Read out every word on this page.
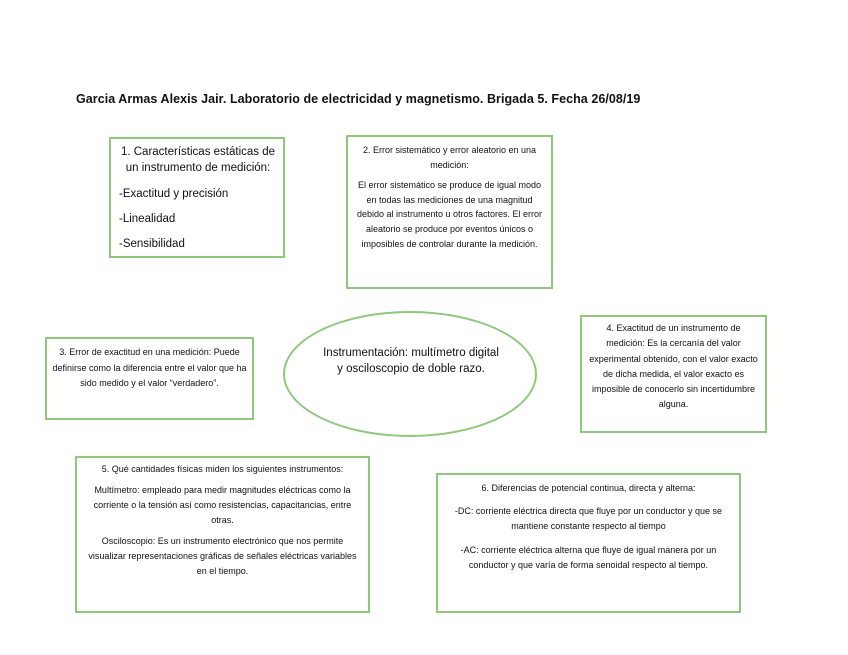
Garcia Armas Alexis Jair. Laboratorio de electricidad y magnetismo. Brigada 5. Fecha 26/08/19

1. Características estáticas de un instrumento de medición:

-Exactitud y precisión

-Linealidad

-Sensibilidad

2. Error sistemático y error aleatorio en una medición:

El error sistemático se produce de igual modo en todas las mediciones de una magnitud debido al instrumento u otros factores. El error aleatorio se produce por eventos únicos o imposibles de controlar durante la medición.

3. Error de exactitud en una medición: Puede definirse como la diferencia entre el valor que ha sido medido y el valor “verdadero”.

Instrumentación: multímetro digital y osciloscopio de doble razo.

4. Exactitud de un instrumento de medición: Es la cercanía del valor experimental obtenido, con el valor exacto de dicha medida, el valor exacto es imposible de conocerlo sin incertidumbre alguna.

5. Qué cantidades físicas miden los siguientes instrumentos:

Multímetro: empleado para medir magnitudes eléctricas como la corriente o la tensión así como resistencias, capacitancias, entre otras.

Osciloscopio: Es un instrumento electrónico que nos permite visualizar representaciones gráficas de señales eléctricas variables en el tiempo.

6. Diferencias de potencial continua, directa y alterna:

-DC: corriente eléctrica directa que fluye por un conductor y que se mantiene constante respecto al tiempo

-AC: corriente eléctrica alterna que fluye de igual manera por un conductor y que varía de forma senoidal respecto al tiempo.
